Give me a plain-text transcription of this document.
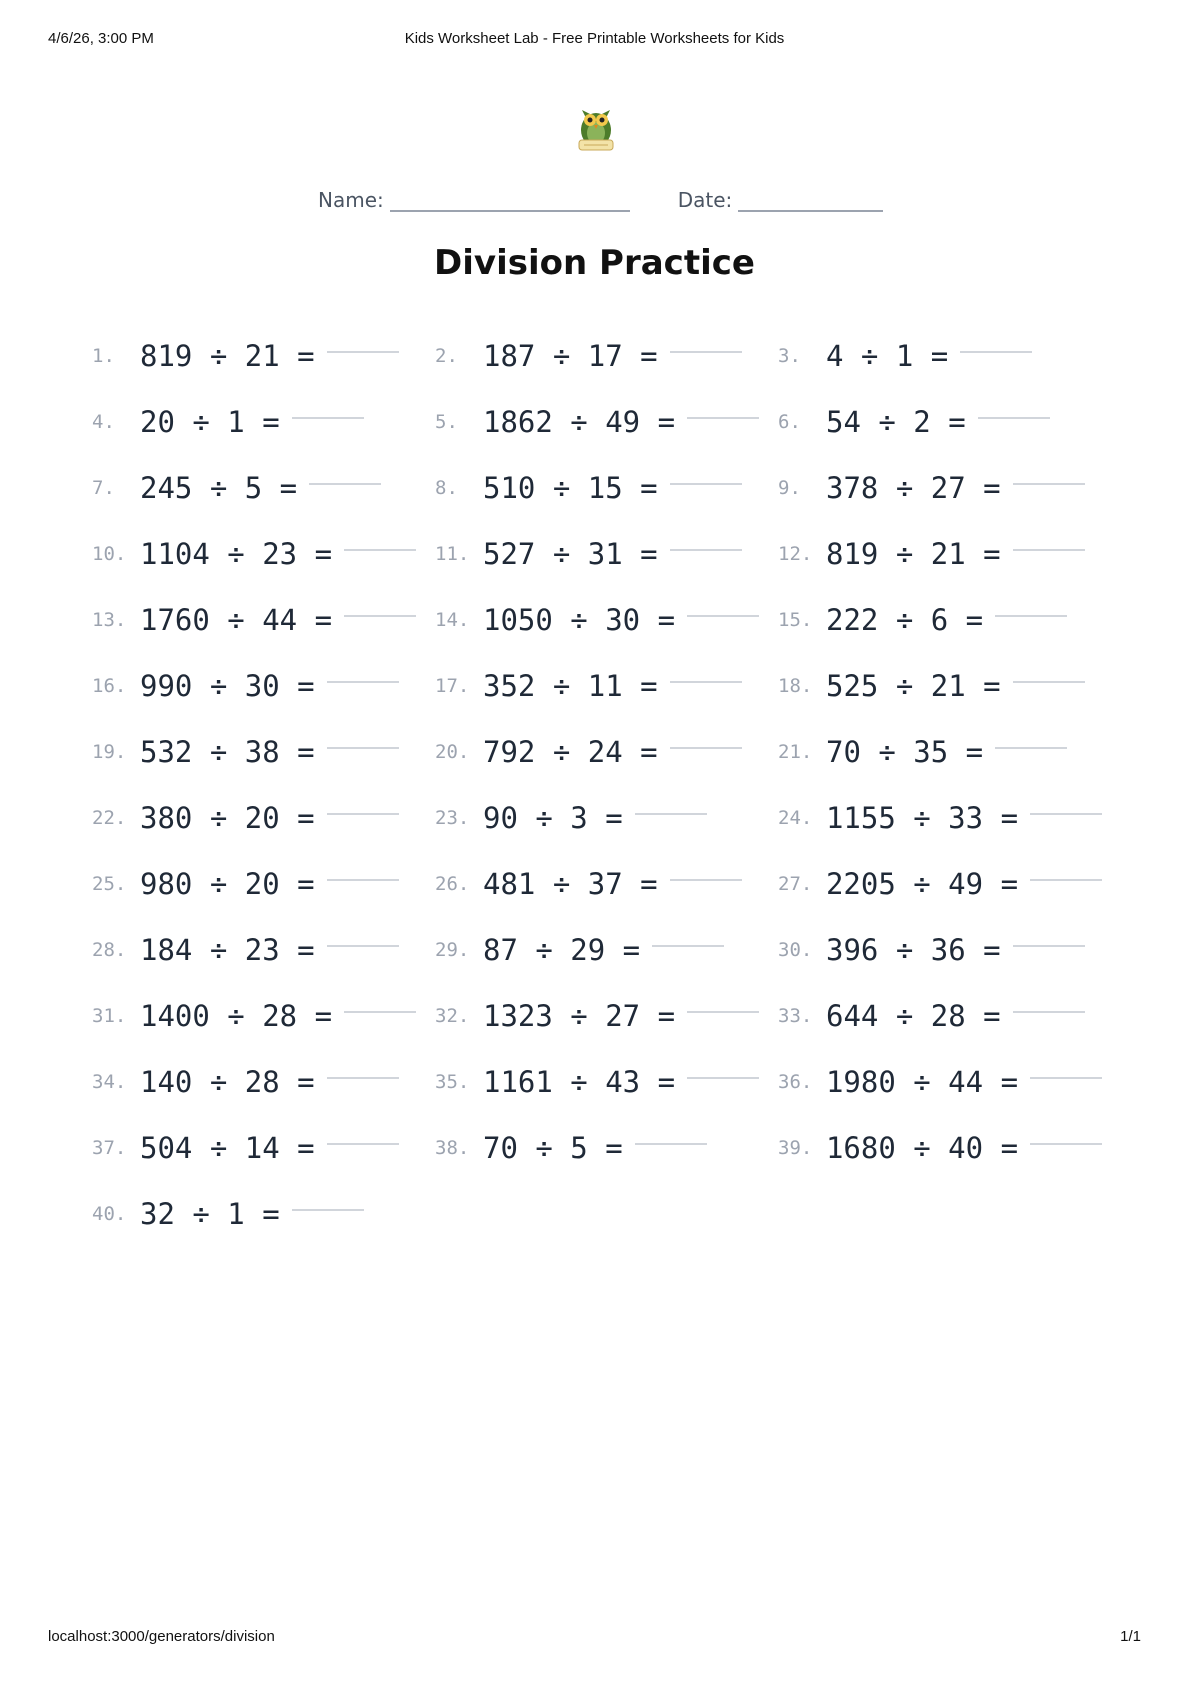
4/6/26, 3:00 PM	Kids Worksheet Lab - Free Printable Worksheets for Kids
Name:	Date:
Division Practice
1. 819 ÷ 21 =	2. 187 ÷ 17 =	3. 4 ÷ 1 =
4. 20 ÷ 1 =	5. 1862 ÷ 49 =	6. 54 ÷ 2 =
7. 245 ÷ 5 =	8. 510 ÷ 15 =	9. 378 ÷ 27 =
10. 1104 ÷ 23 =	11. 527 ÷ 31 =	12. 819 ÷ 21 =
13. 1760 ÷ 44 =	14. 1050 ÷ 30 =	15. 222 ÷ 6 =
16. 990 ÷ 30 =	17. 352 ÷ 11 =	18. 525 ÷ 21 =
19. 532 ÷ 38 =	20. 792 ÷ 24 =	21. 70 ÷ 35 =
22. 380 ÷ 20 =	23. 90 ÷ 3 =	24. 1155 ÷ 33 =
25. 980 ÷ 20 =	26. 481 ÷ 37 =	27. 2205 ÷ 49 =
28. 184 ÷ 23 =	29. 87 ÷ 29 =	30. 396 ÷ 36 =
31. 1400 ÷ 28 =	32. 1323 ÷ 27 =	33. 644 ÷ 28 =
34. 140 ÷ 28 =	35. 1161 ÷ 43 =	36. 1980 ÷ 44 =
37. 504 ÷ 14 =	38. 70 ÷ 5 =	39. 1680 ÷ 40 =
40. 32 ÷ 1 =
localhost:3000/generators/division	1/1
